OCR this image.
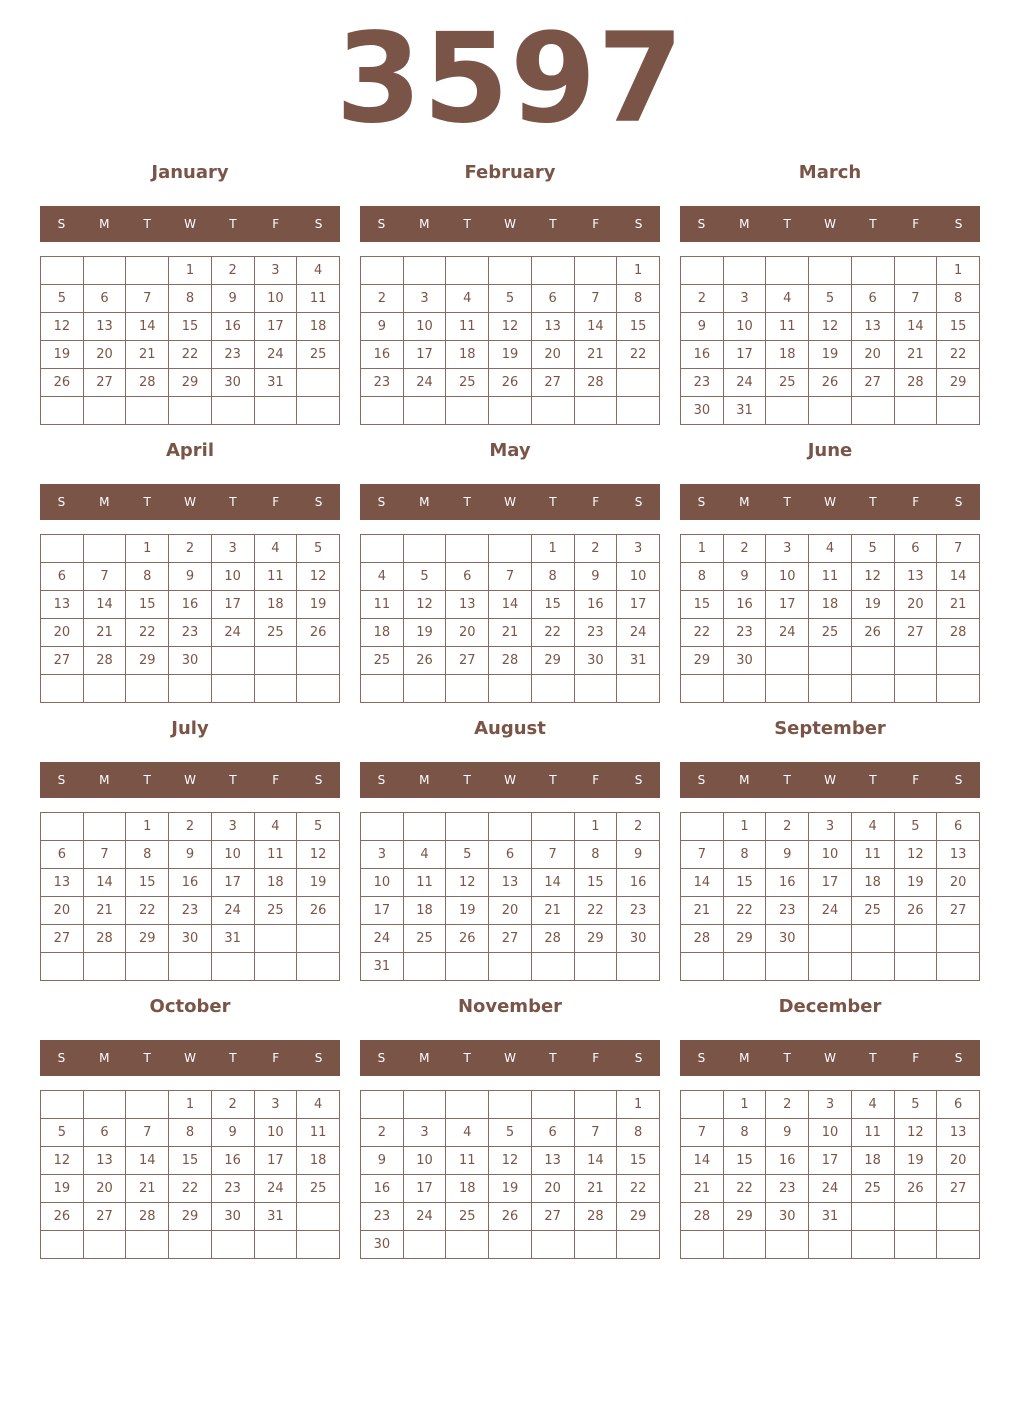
3597
January
S	M	T	W	T	F	S
			1	2	3	4
5	6	7	8	9	10	11
12	13	14	15	16	17	18
19	20	21	22	23	24	25
26	27	28	29	30	31	

February
S	M	T	W	T	F	S
						1
2	3	4	5	6	7	8
9	10	11	12	13	14	15
16	17	18	19	20	21	22
23	24	25	26	27	28	

March
S	M	T	W	T	F	S
						1
2	3	4	5	6	7	8
9	10	11	12	13	14	15
16	17	18	19	20	21	22
23	24	25	26	27	28	29
30	31					
April
S	M	T	W	T	F	S
		1	2	3	4	5
6	7	8	9	10	11	12
13	14	15	16	17	18	19
20	21	22	23	24	25	26
27	28	29	30			

May
S	M	T	W	T	F	S
				1	2	3
4	5	6	7	8	9	10
11	12	13	14	15	16	17
18	19	20	21	22	23	24
25	26	27	28	29	30	31

June
S	M	T	W	T	F	S
1	2	3	4	5	6	7
8	9	10	11	12	13	14
15	16	17	18	19	20	21
22	23	24	25	26	27	28
29	30					

July
S	M	T	W	T	F	S
		1	2	3	4	5
6	7	8	9	10	11	12
13	14	15	16	17	18	19
20	21	22	23	24	25	26
27	28	29	30	31		

August
S	M	T	W	T	F	S
					1	2
3	4	5	6	7	8	9
10	11	12	13	14	15	16
17	18	19	20	21	22	23
24	25	26	27	28	29	30
31						
September
S	M	T	W	T	F	S
	1	2	3	4	5	6
7	8	9	10	11	12	13
14	15	16	17	18	19	20
21	22	23	24	25	26	27
28	29	30				

October
S	M	T	W	T	F	S
			1	2	3	4
5	6	7	8	9	10	11
12	13	14	15	16	17	18
19	20	21	22	23	24	25
26	27	28	29	30	31	

November
S	M	T	W	T	F	S
						1
2	3	4	5	6	7	8
9	10	11	12	13	14	15
16	17	18	19	20	21	22
23	24	25	26	27	28	29
30						
December
S	M	T	W	T	F	S
	1	2	3	4	5	6
7	8	9	10	11	12	13
14	15	16	17	18	19	20
21	22	23	24	25	26	27
28	29	30	31			
